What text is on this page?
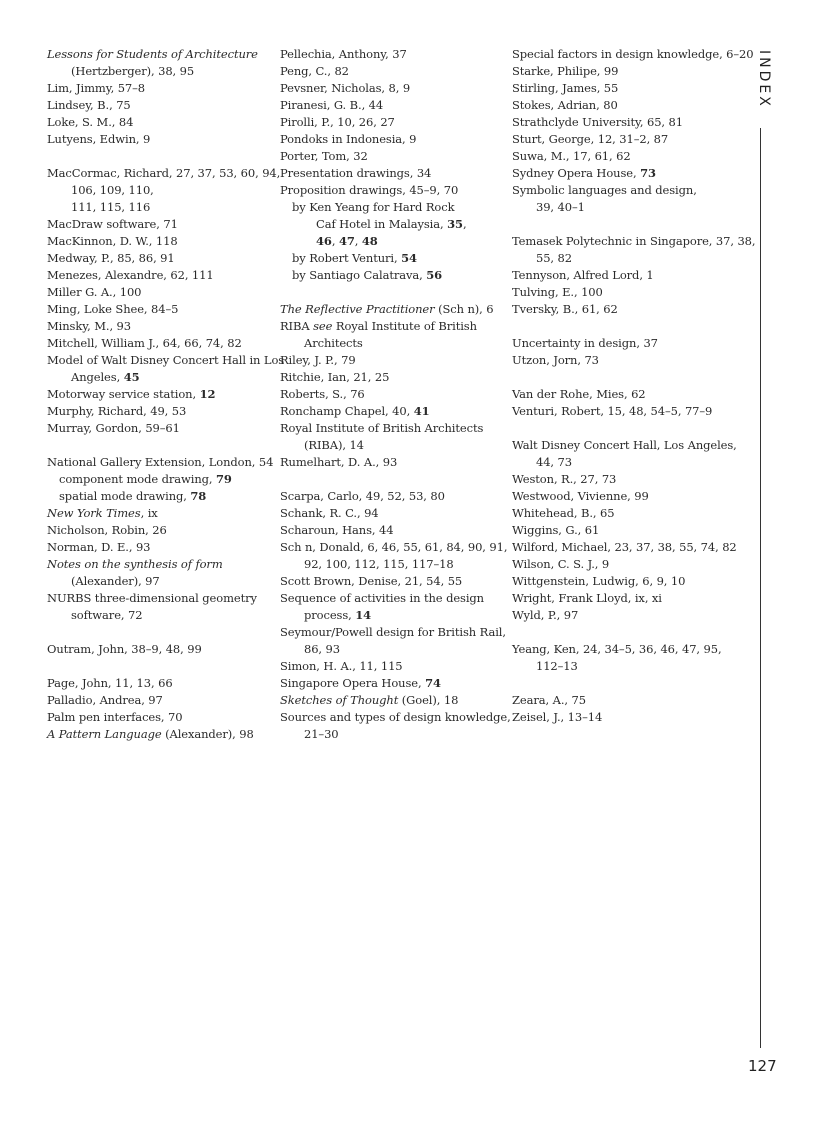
Lessons for Students of Architecture
(Hertzberger), 38, 95
Lim, Jimmy, 57–8
Lindsey, B., 75
Loke, S. M., 84
Lutyens, Edwin, 9
MacCormac, Richard, 27, 37, 53, 60, 94,
106, 109, 110,
111, 115, 116
MacDraw software, 71
MacKinnon, D. W., 118
Medway, P., 85, 86, 91
Menezes, Alexandre, 62, 111
Miller G. A., 100
Ming, Loke Shee, 84–5
Minsky, M., 93
Mitchell, William J., 64, 66, 74, 82
Model of Walt Disney Concert Hall in Los
Angeles, 45
Motorway service station, 12
Murphy, Richard, 49, 53
Murray, Gordon, 59–61
National Gallery Extension, London, 54
component mode drawing, 79
spatial mode drawing, 78
New York Times, ix
Nicholson, Robin, 26
Norman, D. E., 93
Notes on the synthesis of form
(Alexander), 97
NURBS three-dimensional geometry
software, 72
Outram, John, 38–9, 48, 99
Page, John, 11, 13, 66
Palladio, Andrea, 97
Palm pen interfaces, 70
A Pattern Language (Alexander), 98
Pellechia, Anthony, 37
Peng, C., 82
Pevsner, Nicholas, 8, 9
Piranesi, G. B., 44
Pirolli, P., 10, 26, 27
Pondoks in Indonesia, 9
Porter, Tom, 32
Presentation drawings, 34
Proposition drawings, 45–9, 70
by Ken Yeang for Hard Rock
Caf Hotel in Malaysia, 35,
46, 47, 48
by Robert Venturi, 54
by Santiago Calatrava, 56
The Reflective Practitioner (Sch n), 6
RIBA see Royal Institute of British
Architects
Riley, J. P., 79
Ritchie, Ian, 21, 25
Roberts, S., 76
Ronchamp Chapel, 40, 41
Royal Institute of British Architects
(RIBA), 14
Rumelhart, D. A., 93
Scarpa, Carlo, 49, 52, 53, 80
Schank, R. C., 94
Scharoun, Hans, 44
Sch n, Donald, 6, 46, 55, 61, 84, 90, 91,
92, 100, 112, 115, 117–18
Scott Brown, Denise, 21, 54, 55
Sequence of activities in the design
process, 14
Seymour/Powell design for British Rail,
86, 93
Simon, H. A., 11, 115
Singapore Opera House, 74
Sketches of Thought (Goel), 18
Sources and types of design knowledge,
21–30
Special factors in design knowledge, 6–20
Starke, Philipe, 99
Stirling, James, 55
Stokes, Adrian, 80
Strathclyde University, 65, 81
Sturt, George, 12, 31–2, 87
Suwa, M., 17, 61, 62
Sydney Opera House, 73
Symbolic languages and design,
39, 40–1
Temasek Polytechnic in Singapore, 37, 38,
55, 82
Tennyson, Alfred Lord, 1
Tulving, E., 100
Tversky, B., 61, 62
Uncertainty in design, 37
Utzon, Jorn, 73
Van der Rohe, Mies, 62
Venturi, Robert, 15, 48, 54–5, 77–9
Walt Disney Concert Hall, Los Angeles,
44, 73
Weston, R., 27, 73
Westwood, Vivienne, 99
Whitehead, B., 65
Wiggins, G., 61
Wilford, Michael, 23, 37, 38, 55, 74, 82
Wilson, C. S. J., 9
Wittgenstein, Ludwig, 6, 9, 10
Wright, Frank Lloyd, ix, xi
Wyld, P., 97
Yeang, Ken, 24, 34–5, 36, 46, 47, 95,
112–13
Zeara, A., 75
Zeisel, J., 13–14
INDEX
127
